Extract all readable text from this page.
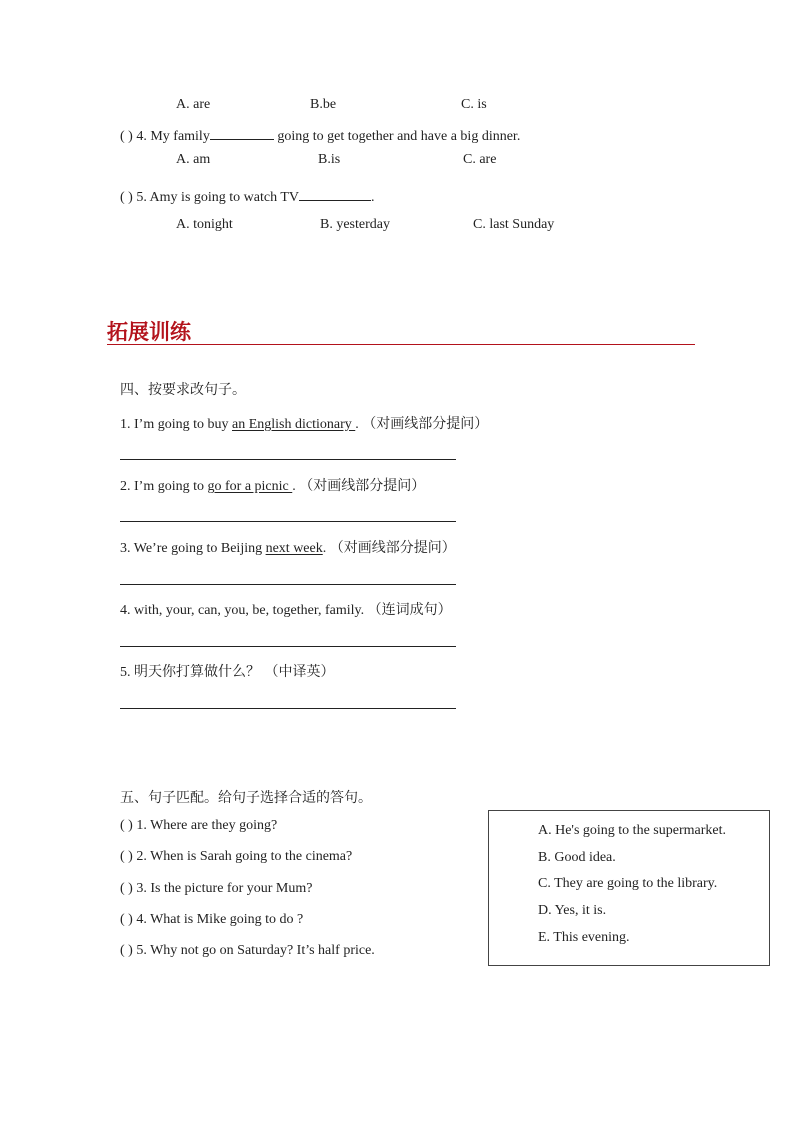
A. are	B.be	C. is
( ) 4. My family	going to get together and have a big dinner.
A. am	B.is	C. are
( ) 5. Amy is going to watch TV	.
A. tonight	B. yesterday	C. last Sunday
拓展训练
四、按要求改句子。
1. I’m going to buy an English dictionary . （对画线部分提问）
2. I’m going to go for a picnic . （对画线部分提问）
3. We’re going to Beijing next week. （对画线部分提问）
4. with, your, can, you, be, together, family. （连词成句）
5. 明天你打算做什么？ （中译英）
五、句子匹配。给句子选择合适的答句。
( ) 1. Where are they going?
( ) 2. When is Sarah going to the cinema?
( ) 3. Is the picture for your Mum?
( ) 4. What is Mike going to do ?
( ) 5. Why not go on Saturday? It’s half price.
A. He's going to the supermarket.
B. Good idea.
C. They are going to the library.
D. Yes, it is.
E. This evening.
